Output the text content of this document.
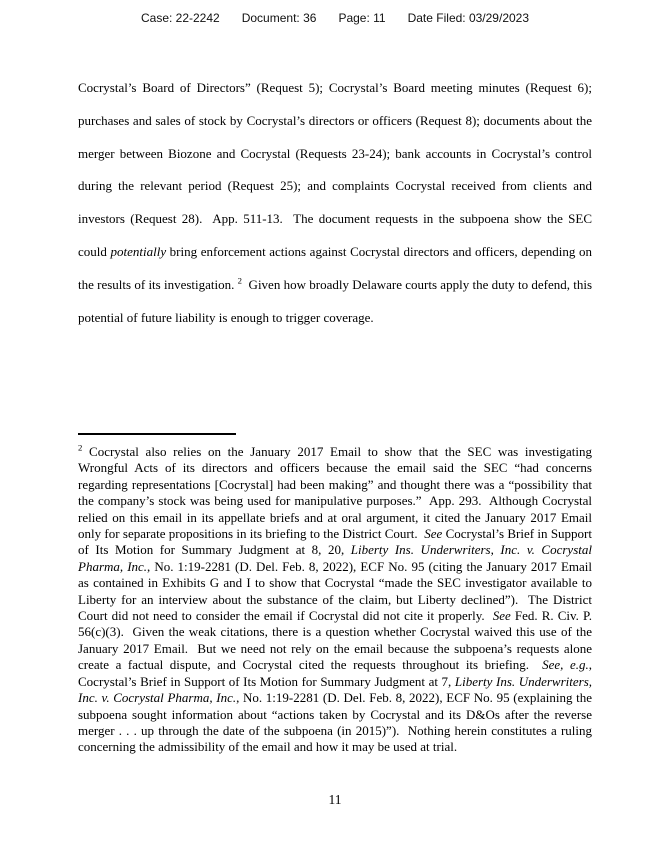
Case: 22-2242 Document: 36 Page: 11 Date Filed: 03/29/2023

Cocrystal’s Board of Directors” (Request 5); Cocrystal’s Board meeting minutes (Request 6); purchases and sales of stock by Cocrystal’s directors or officers (Request 8); documents about the merger between Biozone and Cocrystal (Requests 23-24); bank accounts in Cocrystal’s control during the relevant period (Request 25); and complaints Cocrystal received from clients and investors (Request 28).  App. 511-13.  The document requests in the subpoena show the SEC could potentially bring enforcement actions against Cocrystal directors and officers, depending on the results of its investigation. $^2$  Given how broadly Delaware courts apply the duty to defend, this potential of future liability is enough to trigger coverage.

$^2$ Cocrystal also relies on the January 2017 Email to show that the SEC was investigating Wrongful Acts of its directors and officers because the email said the SEC “had concerns regarding representations [Cocrystal] had been making” and thought there was a “possibility that the company’s stock was being used for manipulative purposes.”  App. 293.  Although Cocrystal relied on this email in its appellate briefs and at oral argument, it cited the January 2017 Email only for separate propositions in its briefing to the District Court.  See Cocrystal’s Brief in Support of Its Motion for Summary Judgment at 8, 20, Liberty Ins. Underwriters, Inc. v. Cocrystal Pharma, Inc., No. 1:19-2281 (D. Del. Feb. 8, 2022), ECF No. 95 (citing the January 2017 Email as contained in Exhibits G and I to show that Cocrystal “made the SEC investigator available to Liberty for an interview about the substance of the claim, but Liberty declined”).  The District Court did not need to consider the email if Cocrystal did not cite it properly.  See Fed. R. Civ. P. 56(c)(3).  Given the weak citations, there is a question whether Cocrystal waived this use of the January 2017 Email.  But we need not rely on the email because the subpoena’s requests alone create a factual dispute, and Cocrystal cited the requests throughout its briefing.  See, e.g., Cocrystal’s Brief in Support of Its Motion for Summary Judgment at 7, Liberty Ins. Underwriters, Inc. v. Cocrystal Pharma, Inc., No. 1:19-2281 (D. Del. Feb. 8, 2022), ECF No. 95 (explaining the subpoena sought information about “actions taken by Cocrystal and its D&Os after the reverse merger . . . up through the date of the subpoena (in 2015)”).  Nothing herein constitutes a ruling concerning the admissibility of the email and how it may be used at trial.

11
